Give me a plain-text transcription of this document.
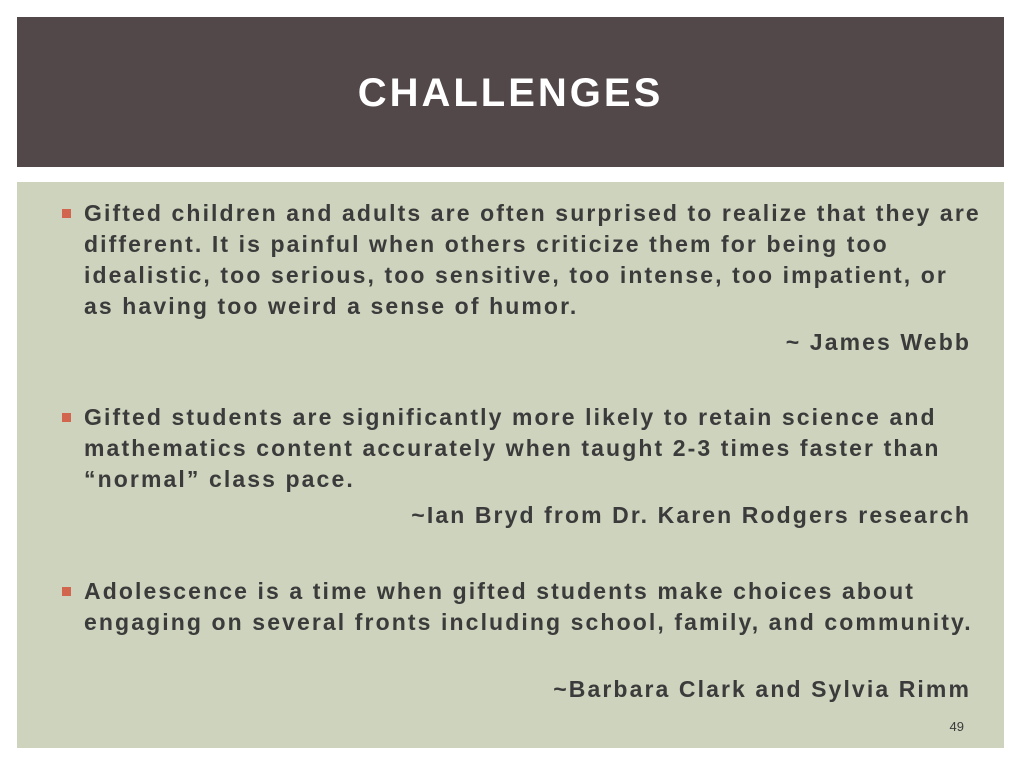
CHALLENGES

Gifted children and adults are often surprised to realize that they are different. It is painful when others criticize them for being too idealistic, too serious, too sensitive, too intense, too impatient, or as having too weird a sense of humor.

~ James Webb

Gifted students are significantly more likely to retain science and mathematics content accurately when taught 2-3 times faster than “normal” class pace.

~Ian Bryd from Dr. Karen Rodgers research

Adolescence is a time when gifted students make choices about engaging on several fronts including school, family, and community.

~Barbara Clark and Sylvia Rimm

49
